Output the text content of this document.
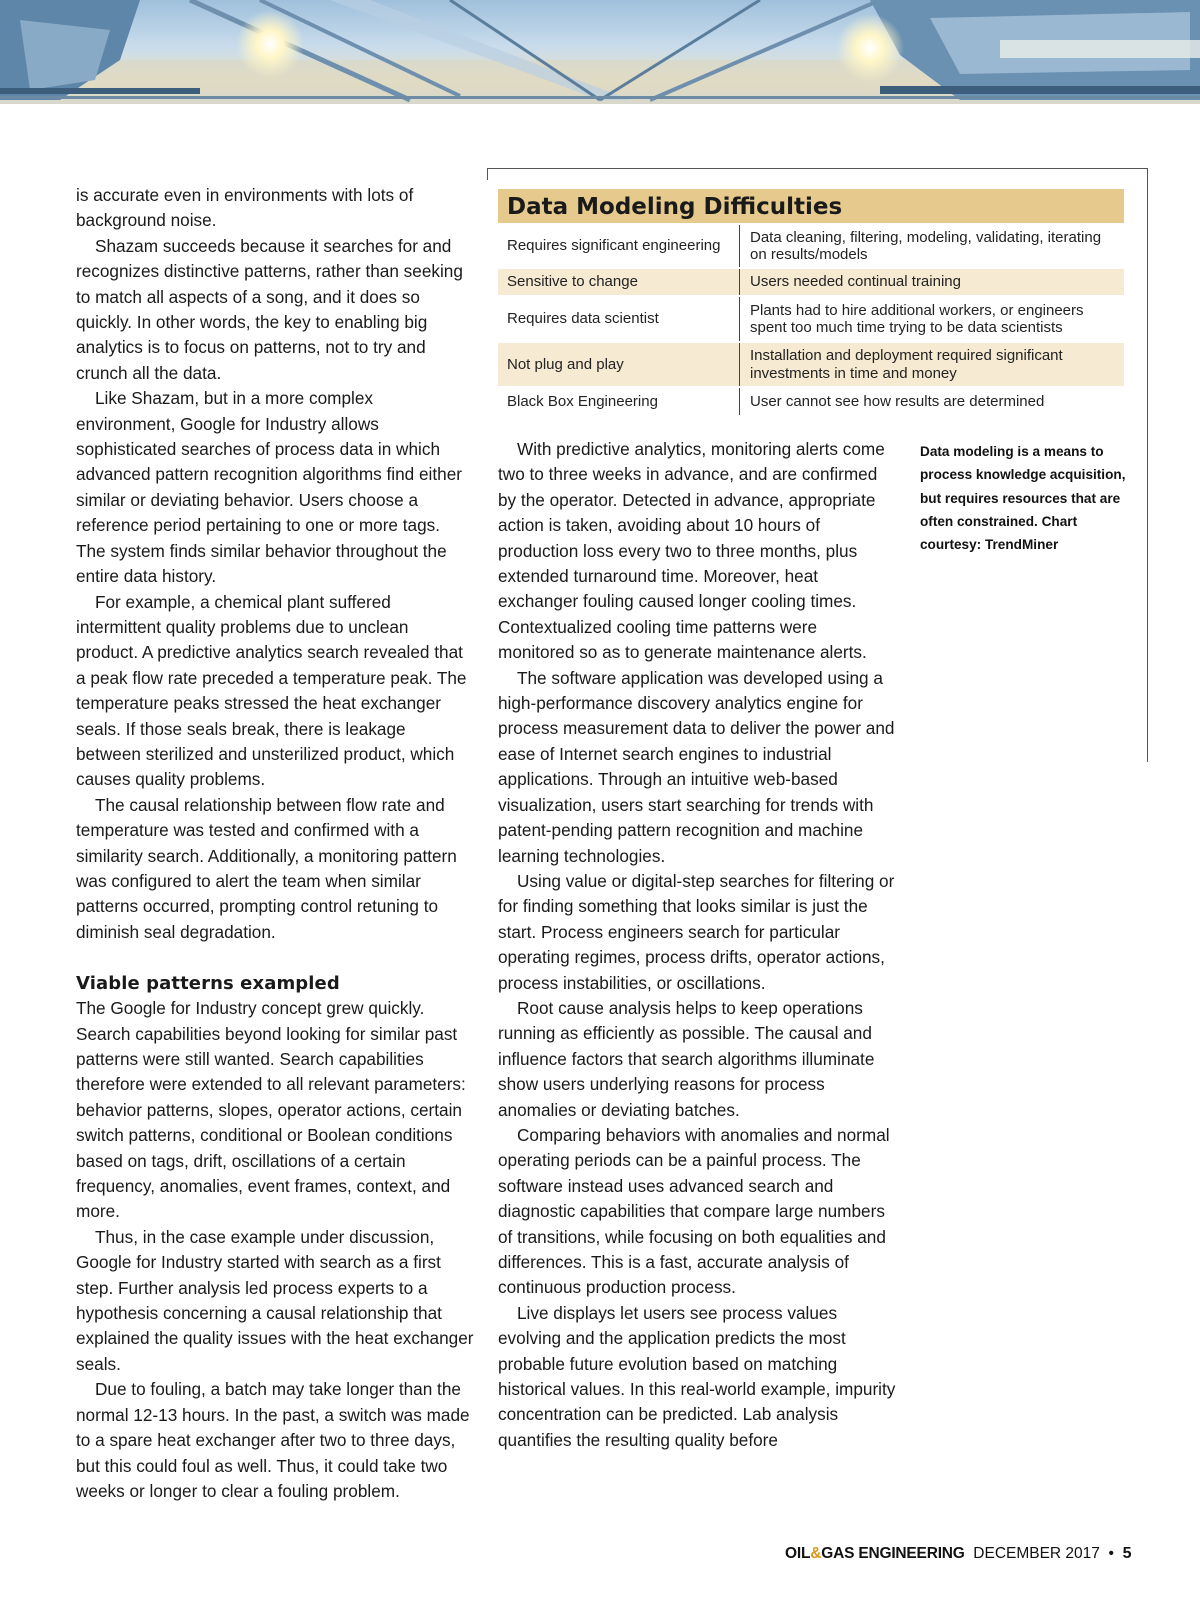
is accurate even in environments with lots of background noise.

Shazam succeeds because it searches for and recognizes distinctive patterns, rather than seeking to match all aspects of a song, and it does so quickly. In other words, the key to enabling big analytics is to focus on patterns, not to try and crunch all the data.

Like Shazam, but in a more complex environment, Google for Industry allows sophisticated searches of process data in which advanced pattern recognition algorithms find either similar or deviating behavior. Users choose a reference period pertaining to one or more tags. The system finds similar behavior throughout the entire data history.

For example, a chemical plant suffered intermittent quality problems due to unclean product. A predictive analytics search revealed that a peak flow rate preceded a temperature peak. The temperature peaks stressed the heat exchanger seals. If those seals break, there is leakage between sterilized and unsterilized product, which causes quality problems.

The causal relationship between flow rate and temperature was tested and confirmed with a similarity search. Additionally, a monitoring pattern was configured to alert the team when similar patterns occurred, prompting control retuning to diminish seal degradation.

Viable patterns exampled

The Google for Industry concept grew quickly. Search capabilities beyond looking for similar past patterns were still wanted. Search capabilities therefore were extended to all relevant parameters: behavior patterns, slopes, operator actions, certain switch patterns, conditional or Boolean conditions based on tags, drift, oscillations of a certain frequency, anomalies, event frames, context, and more.

Thus, in the case example under discussion, Google for Industry started with search as a first step. Further analysis led process experts to a hypothesis concerning a causal relationship that explained the quality issues with the heat exchanger seals.

Due to fouling, a batch may take longer than the normal 12-13 hours. In the past, a switch was made to a spare heat exchanger after two to three days, but this could foul as well. Thus, it could take two weeks or longer to clear a fouling problem.

Data Modeling Difficulties
Requires significant engineering	Data cleaning, filtering, modeling, validating, iterating on results/models
Sensitive to change	Users needed continual training
Requires data scientist	Plants had to hire additional workers, or engineers spent too much time trying to be data scientists
Not plug and play	Installation and deployment required significant investments in time and money
Black Box Engineering	User cannot see how results are determined
Data modeling is a means to process knowledge acquisition, but requires resources that are often constrained. Chart courtesy: TrendMiner

With predictive analytics, monitoring alerts come two to three weeks in advance, and are confirmed by the operator. Detected in advance, appropriate action is taken, avoiding about 10 hours of production loss every two to three months, plus extended turnaround time. Moreover, heat exchanger fouling caused longer cooling times. Contextualized cooling time patterns were monitored so as to generate maintenance alerts.

The software application was developed using a high-performance discovery analytics engine for process measurement data to deliver the power and ease of Internet search engines to industrial applications. Through an intuitive web-based visualization, users start searching for trends with patent-pending pattern recognition and machine learning technologies.

Using value or digital-step searches for filtering or for finding something that looks similar is just the start. Process engineers search for particular operating regimes, process drifts, operator actions, process instabilities, or oscillations.

Root cause analysis helps to keep operations running as efficiently as possible. The causal and influence factors that search algorithms illuminate show users underlying reasons for process anomalies or deviating batches.

Comparing behaviors with anomalies and normal operating periods can be a painful process. The software instead uses advanced search and diagnostic capabilities that compare large numbers of transitions, while focusing on both equalities and differences. This is a fast, accurate analysis of continuous production process.

Live displays let users see process values evolving and the application predicts the most probable future evolution based on matching historical values. In this real-world example, impurity concentration can be predicted. Lab analysis quantifies the resulting quality before

OIL&GAS ENGINEERING DECEMBER 2017 • 5
